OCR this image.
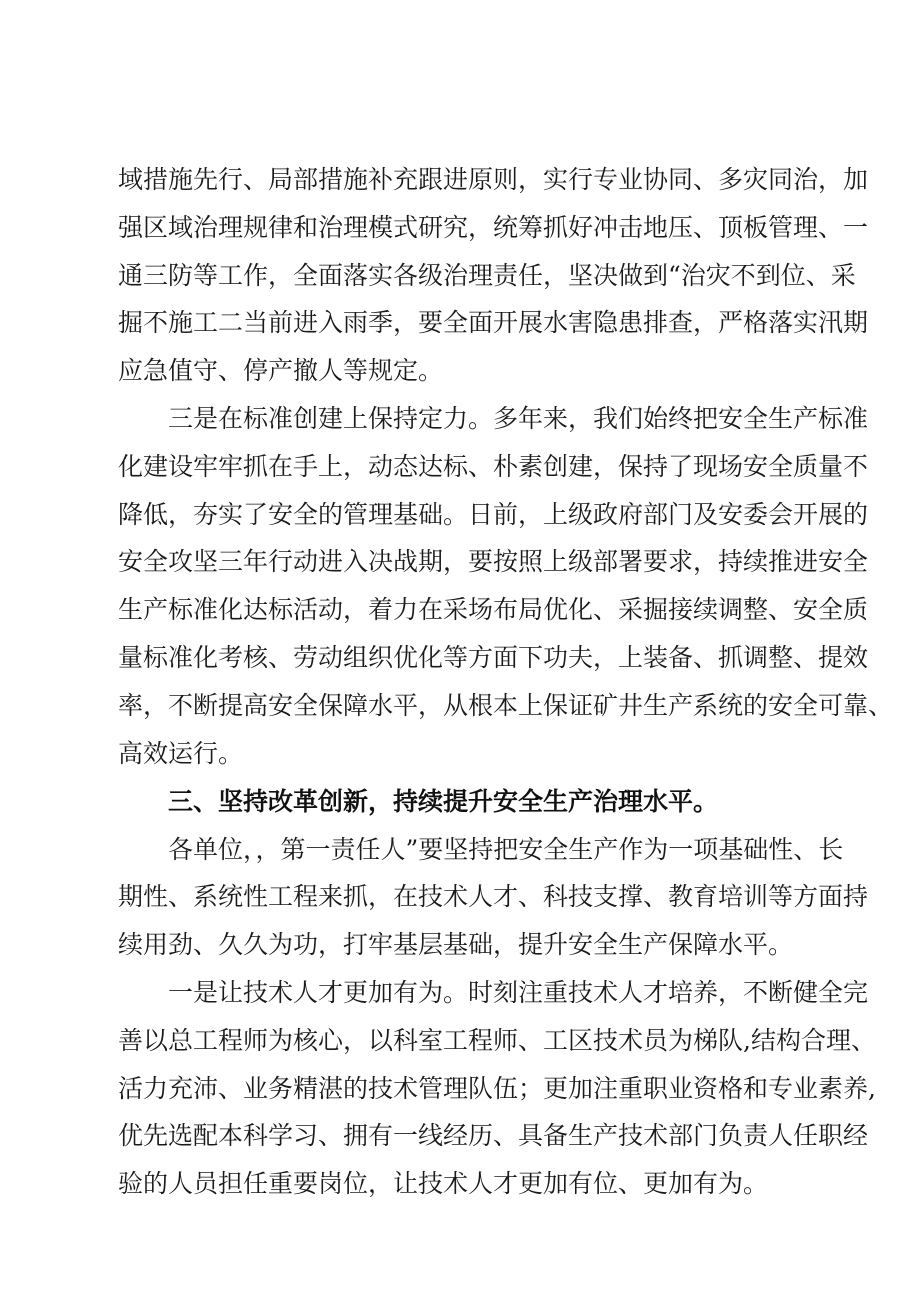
域措施先行、局部措施补充跟进原则，实行专业协同、多灾同治，加
强区域治理规律和治理模式研究，统筹抓好冲击地压、顶板管理、一
通三防等工作，全面落实各级治理责任，坚决做到“治灾不到位、采
掘不施工二当前进入雨季，要全面开展水害隐患排查，严格落实汛期
应急值守、停产撤人等规定。
三是在标准创建上保持定力。多年来，我们始终把安全生产标准
化建设牢牢抓在手上，动态达标、朴素创建，保持了现场安全质量不
降低，夯实了安全的管理基础。日前，上级政府部门及安委会开展的
安全攻坚三年行动进入决战期，要按照上级部署要求，持续推进安全
生产标准化达标活动，着力在采场布局优化、采掘接续调整、安全质
量标准化考核、劳动组织优化等方面下功夫，上装备、抓调整、提效
率，不断提高安全保障水平，从根本上保证矿井生产系统的安全可靠、
高效运行。
三、坚持改革创新，持续提升安全生产治理水平。
各单位，，第一责任人”要坚持把安全生产作为一项基础性、长
期性、系统性工程来抓，在技术人才、科技支撑、教育培训等方面持
续用劲、久久为功，打牢基层基础，提升安全生产保障水平。
一是让技术人才更加有为。时刻注重技术人才培养，不断健全完
善以总工程师为核心，以科室工程师、工区技术员为梯队,结构合理、
活力充沛、业务精湛的技术管理队伍；更加注重职业资格和专业素养,
优先选配本科学习、拥有一线经历、具备生产技术部门负责人任职经
验的人员担任重要岗位，让技术人才更加有位、更加有为。
